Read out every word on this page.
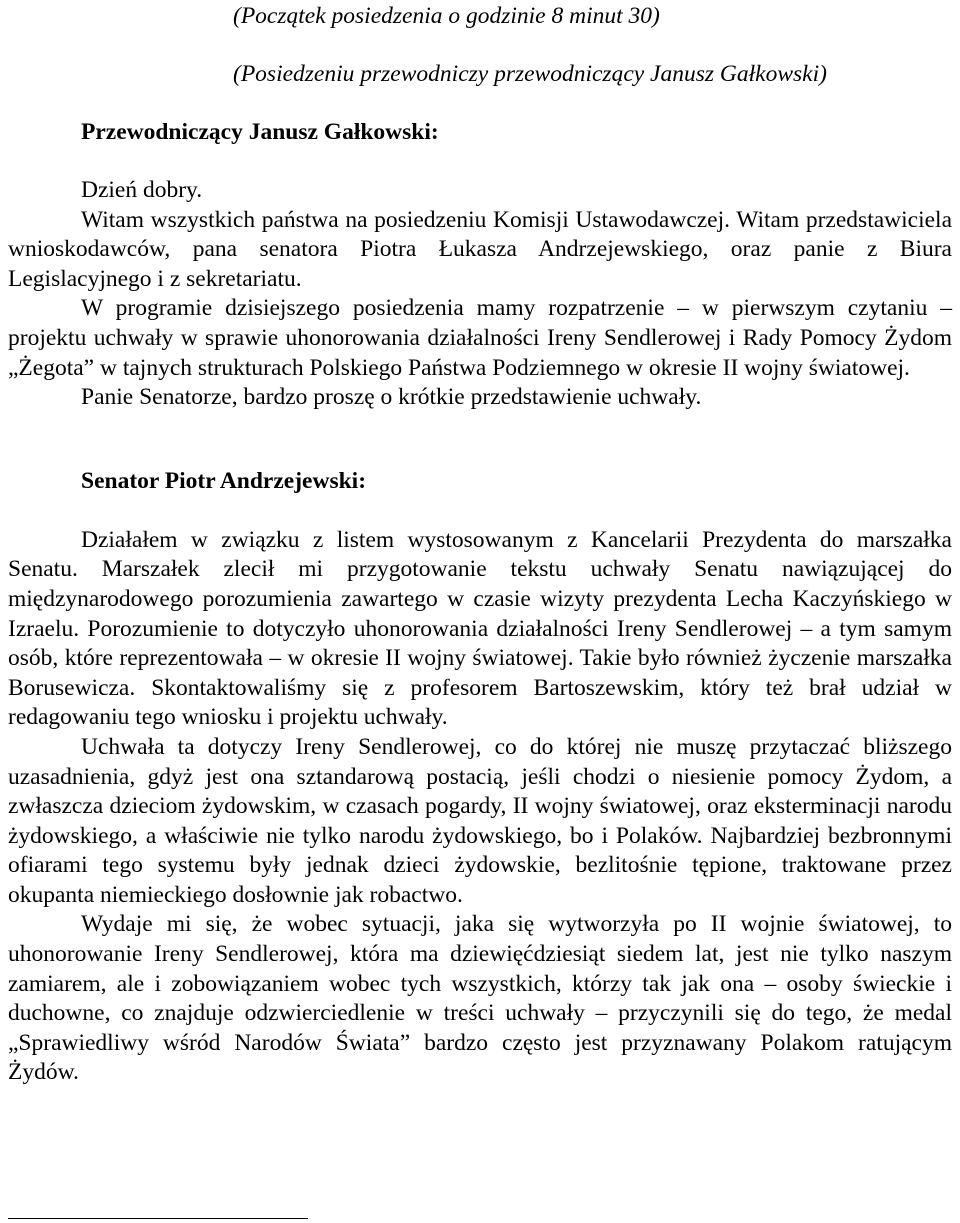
(Początek posiedzenia o godzinie 8 minut 30)

(Posiedzeniu przewodniczy przewodniczący Janusz Gałkowski)

Przewodniczący Janusz Gałkowski:

Dzień dobry.

Witam wszystkich państwa na posiedzeniu Komisji Ustawodawczej. Witam przedstawiciela wnioskodawców, pana senatora Piotra Łukasza Andrzejewskiego, oraz panie z Biura Legislacyjnego i z sekretariatu.

W programie dzisiejszego posiedzenia mamy rozpatrzenie – w pierwszym czytaniu – projektu uchwały w sprawie uhonorowania działalności Ireny Sendlerowej i Rady Pomocy Żydom „Żegota” w tajnych strukturach Polskiego Państwa Podziemnego w okresie II wojny światowej.

Panie Senatorze, bardzo proszę o krótkie przedstawienie uchwały.

Senator Piotr Andrzejewski:

Działałem w związku z listem wystosowanym z Kancelarii Prezydenta do marszałka Senatu. Marszałek zlecił mi przygotowanie tekstu uchwały Senatu nawiązującej do międzynarodowego porozumienia zawartego w czasie wizyty prezydenta Lecha Kaczyńskiego w Izraelu. Porozumienie to dotyczyło uhonorowania działalności Ireny Sendlerowej – a tym samym osób, które reprezentowała – w okresie II wojny światowej. Takie było również życzenie marszałka Borusewicza. Skontaktowaliśmy się z profesorem Bartoszewskim, który też brał udział w redagowaniu tego wniosku i projektu uchwały.

Uchwała ta dotyczy Ireny Sendlerowej, co do której nie muszę przytaczać bliższego uzasadnienia, gdyż jest ona sztandarową postacią, jeśli chodzi o niesienie pomocy Żydom, a zwłaszcza dzieciom żydowskim, w czasach pogardy, II wojny światowej, oraz eksterminacji narodu żydowskiego, a właściwie nie tylko narodu żydowskiego, bo i Polaków. Najbardziej bezbronnymi ofiarami tego systemu były jednak dzieci żydowskie, bezlitośnie tępione, traktowane przez okupanta niemieckiego dosłownie jak robactwo.

Wydaje mi się, że wobec sytuacji, jaka się wytworzyła po II wojnie światowej, to uhonorowanie Ireny Sendlerowej, która ma dziewięćdziesiąt siedem lat, jest nie tylko naszym zamiarem, ale i zobowiązaniem wobec tych wszystkich, którzy tak jak ona – osoby świeckie i duchowne, co znajduje odzwierciedlenie w treści uchwały – przyczynili się do tego, że medal „Sprawiedliwy wśród Narodów Świata” bardzo często jest przyznawany Polakom ratującym Żydów.
